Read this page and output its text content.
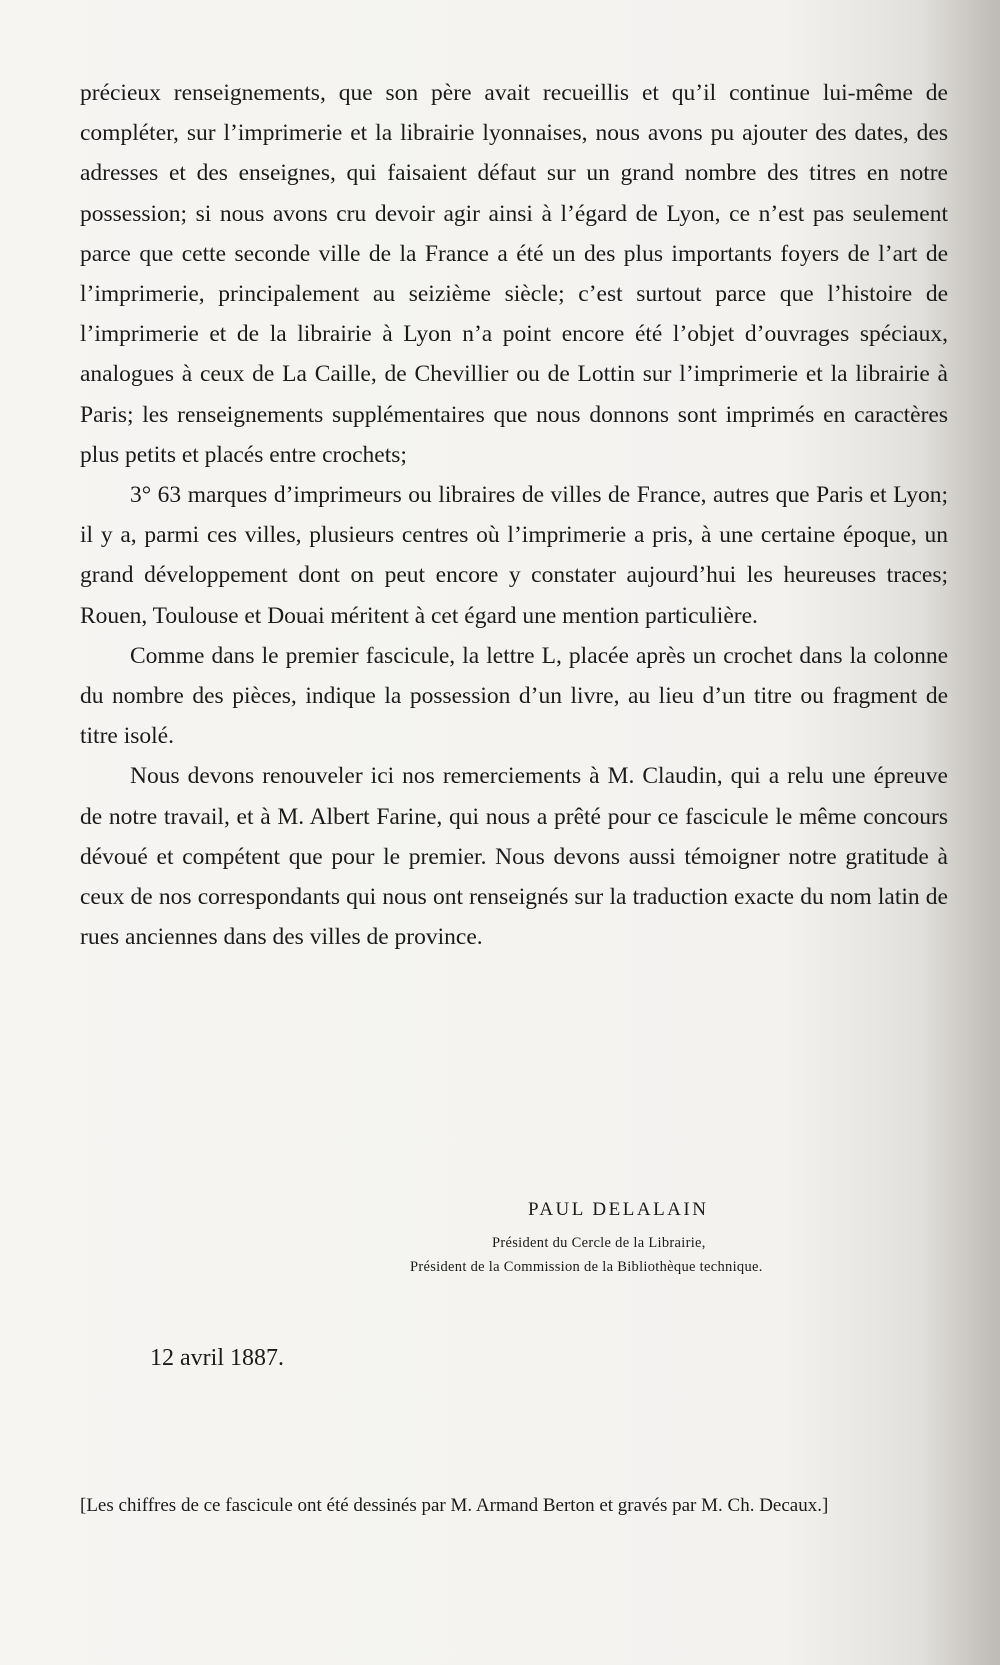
précieux renseignements, que son père avait recueillis et qu’il continue lui-même de compléter, sur l’imprimerie et la librairie lyonnaises, nous avons pu ajouter des dates, des adresses et des enseignes, qui faisaient défaut sur un grand nombre des titres en notre possession; si nous avons cru devoir agir ainsi à l’égard de Lyon, ce n’est pas seulement parce que cette seconde ville de la France a été un des plus importants foyers de l’art de l’imprimerie, principalement au seizième siècle; c’est surtout parce que l’histoire de l’imprimerie et de la librairie à Lyon n’a point encore été l’objet d’ouvrages spéciaux, analogues à ceux de La Caille, de Chevillier ou de Lottin sur l’imprimerie et la librairie à Paris; les renseignements supplémentaires que nous donnons sont imprimés en caractères plus petits et placés entre crochets;

3° 63 marques d’imprimeurs ou libraires de villes de France, autres que Paris et Lyon; il y a, parmi ces villes, plusieurs centres où l’imprimerie a pris, à une certaine époque, un grand développement dont on peut encore y constater aujourd’hui les heureuses traces; Rouen, Toulouse et Douai méritent à cet égard une mention particulière.

Comme dans le premier fascicule, la lettre L, placée après un crochet dans la colonne du nombre des pièces, indique la possession d’un livre, au lieu d’un titre ou fragment de titre isolé.

Nous devons renouveler ici nos remerciements à M. Claudin, qui a relu une épreuve de notre travail, et à M. Albert Farine, qui nous a prêté pour ce fascicule le même concours dévoué et compétent que pour le premier. Nous devons aussi témoigner notre gratitude à ceux de nos correspondants qui nous ont renseignés sur la traduction exacte du nom latin de rues anciennes dans des villes de province.

PAUL DELALAIN
Président du Cercle de la Librairie,
Président de la Commission de la Bibliothèque technique.
12 avril 1887.
[Les chiffres de ce fascicule ont été dessinés par M. Armand Berton et gravés par M. Ch. Decaux.]
